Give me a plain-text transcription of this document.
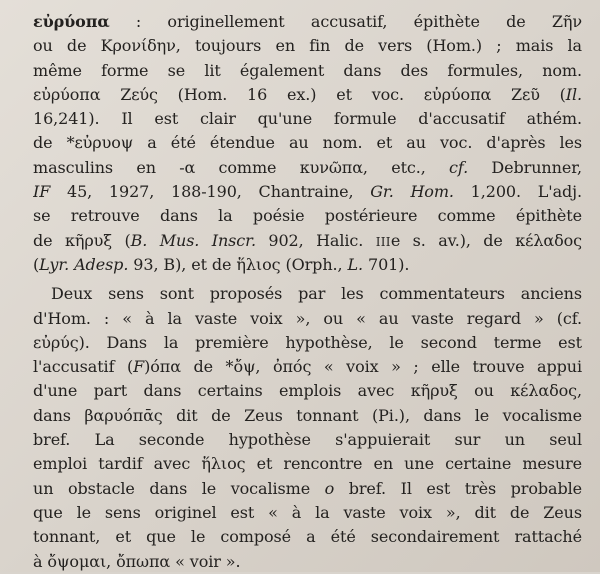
εὐρύοπα : originellement accusatif, épithète de Ζῆν
ou de Κρονίδην, toujours en fin de vers (Hom.) ; mais la
même forme se lit également dans des formules, nom.
εὐρύοπα Ζεύς (Hom. 16 ex.) et voc. εὐρύοπα Ζεῦ (Il.
16,241). Il est clair qu'une formule d'accusatif athém.
de *εὐρυοψ a été étendue au nom. et au voc. d'après les
masculins en -α comme κυνῶπα, etc., cf. Debrunner,
IF 45, 1927, 188-190, Chantraine, Gr. Hom. 1,200. L'adj.
se retrouve dans la poésie postérieure comme épithète
de κῆρυξ (B. Mus. Inscr. 902, Halic. IIIe s. av.), de κέλαδος
(Lyr. Adesp. 93, B), et de ἥλιος (Orph., L. 701).
Deux sens sont proposés par les commentateurs anciens
d'Hom. : « à la vaste voix », ou « au vaste regard » (cf.
εὐρύς). Dans la première hypothèse, le second terme est
l'accusatif (F)όπα de *ὄψ, ὀπός « voix » ; elle trouve appui
d'une part dans certains emplois avec κῆρυξ ou κέλαδος,
dans βαρυόπᾱς dit de Zeus tonnant (Pi.), dans le vocalisme
bref. La seconde hypothèse s'appuierait sur un seul
emploi tardif avec ἥλιος et rencontre en une certaine mesure
un obstacle dans le vocalisme o bref. Il est très probable
que le sens originel est « à la vaste voix », dit de Zeus
tonnant, et que le composé a été secondairement rattaché
à ὄψομαι, ὄπωπα « voir ».
